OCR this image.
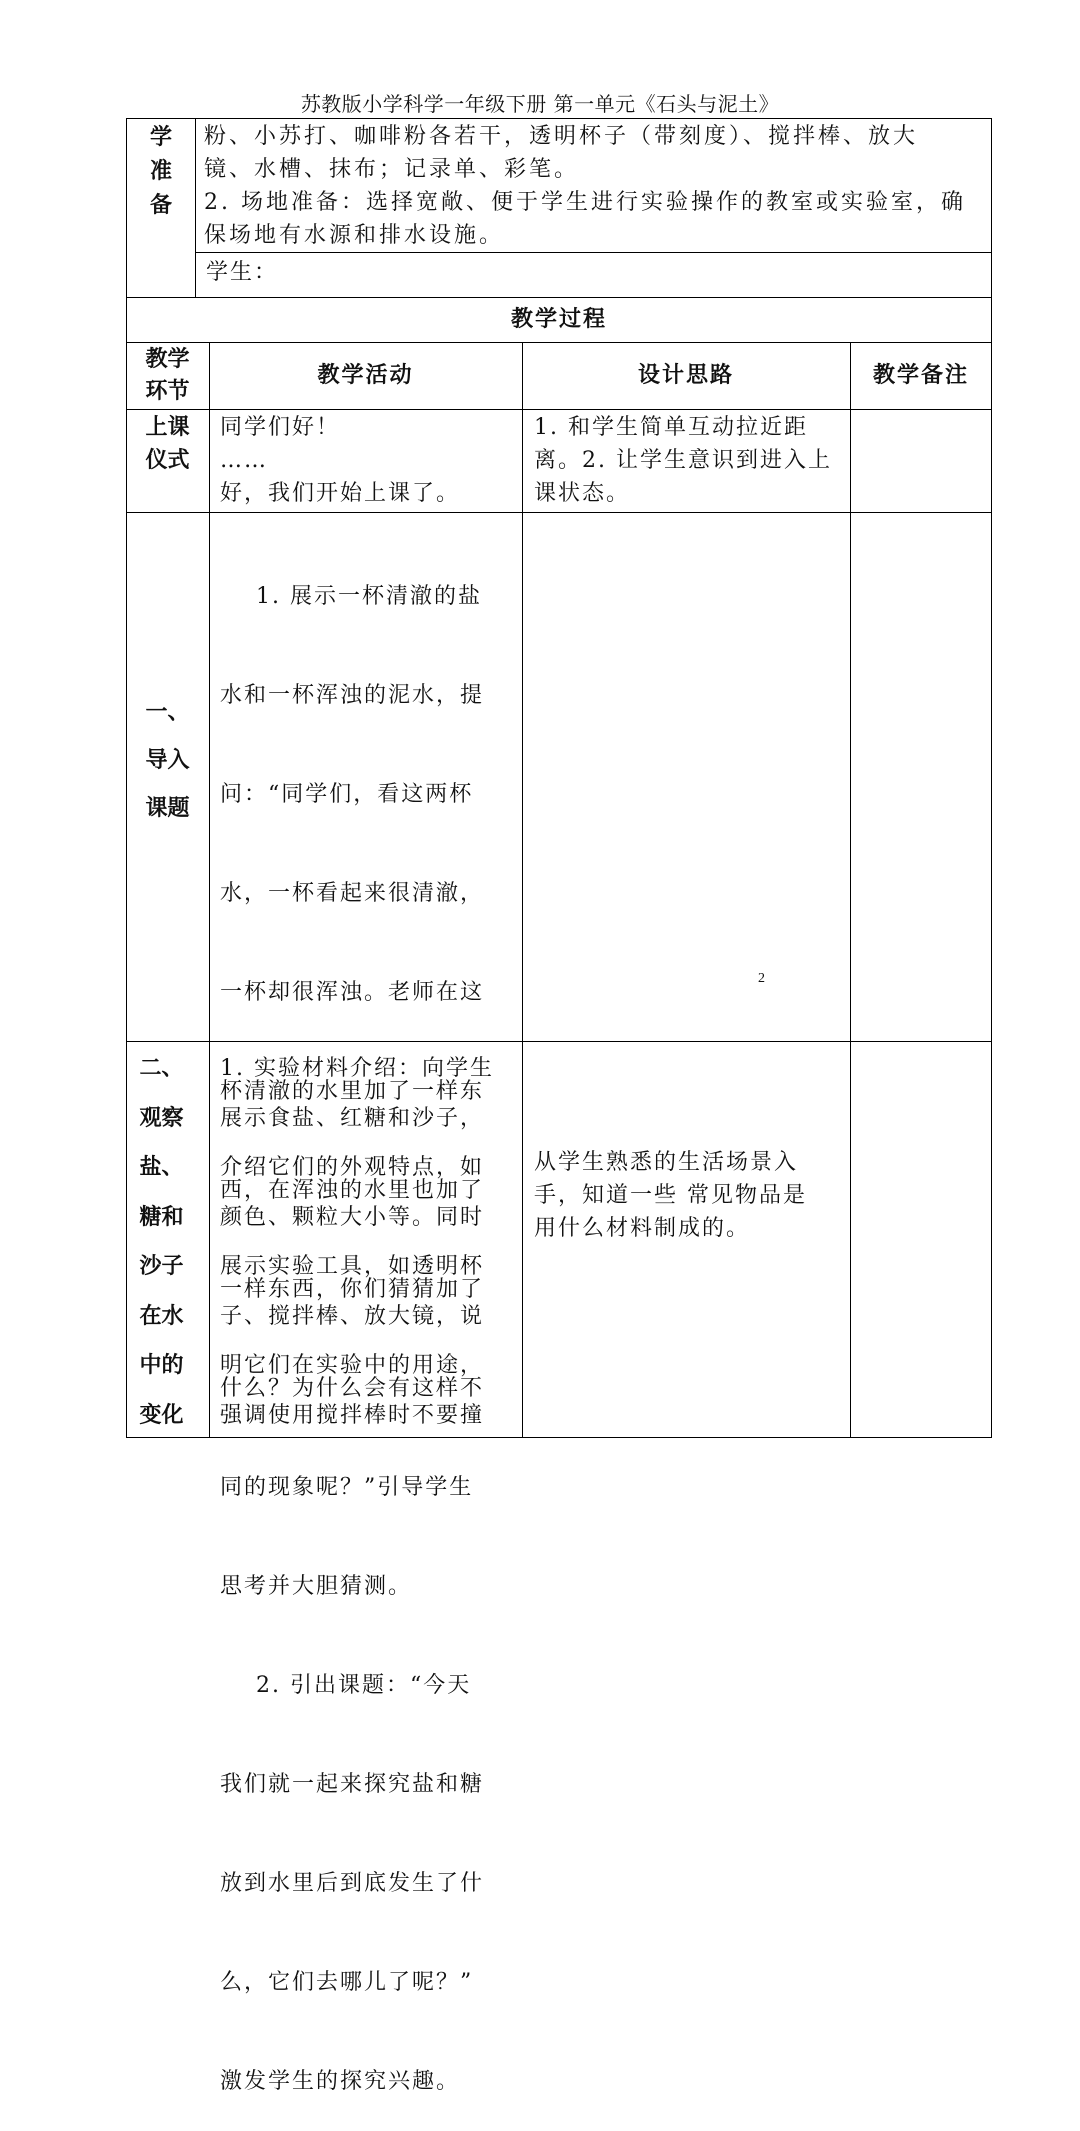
苏教版小学科学一年级下册 第一单元《石头与泥土》
学
准
备
粉、小苏打、咖啡粉各若干，透明杯子（带刻度）、搅拌棒、放大
镜、水槽、抹布；记录单、彩笔。
2. 场地准备：选择宽敞、便于学生进行实验操作的教室或实验室，确
保场地有水源和排水设施。
学生：
教学过程
教学
环节
教学活动	设计思路	教学备注
上课
仪式
同学们好！
……
好，我们开始上课了。
1. 和学生简单互动拉近距
离。2. 让学生意识到进入上
课状态。
一、
导入
课题

1. 展示一杯清澈的盐

水和一杯浑浊的泥水，提

问：“同学们，看这两杯

水，一杯看起来很清澈，

一杯却很浑浊。老师在这

杯清澈的水里加了一样东

西，在浑浊的水里也加了

一样东西，你们猜猜加了

什么？为什么会有这样不

同的现象呢？”引导学生

思考并大胆猜测。

2. 引出课题：“今天

我们就一起来探究盐和糖

放到水里后到底发生了什

么，它们去哪儿了呢？”

激发学生的探究兴趣。

2
二、
观察
盐、
糖和
沙子
在水
中的
变化
1. 实验材料介绍：向学生
展示食盐、红糖和沙子，
介绍它们的外观特点，如
颜色、颗粒大小等。同时
展示实验工具，如透明杯
子、搅拌棒、放大镜，说
明它们在实验中的用途，
强调使用搅拌棒时不要撞
从学生熟悉的生活场景入
手，知道一些 常见物品是
用什么材料制成的。
